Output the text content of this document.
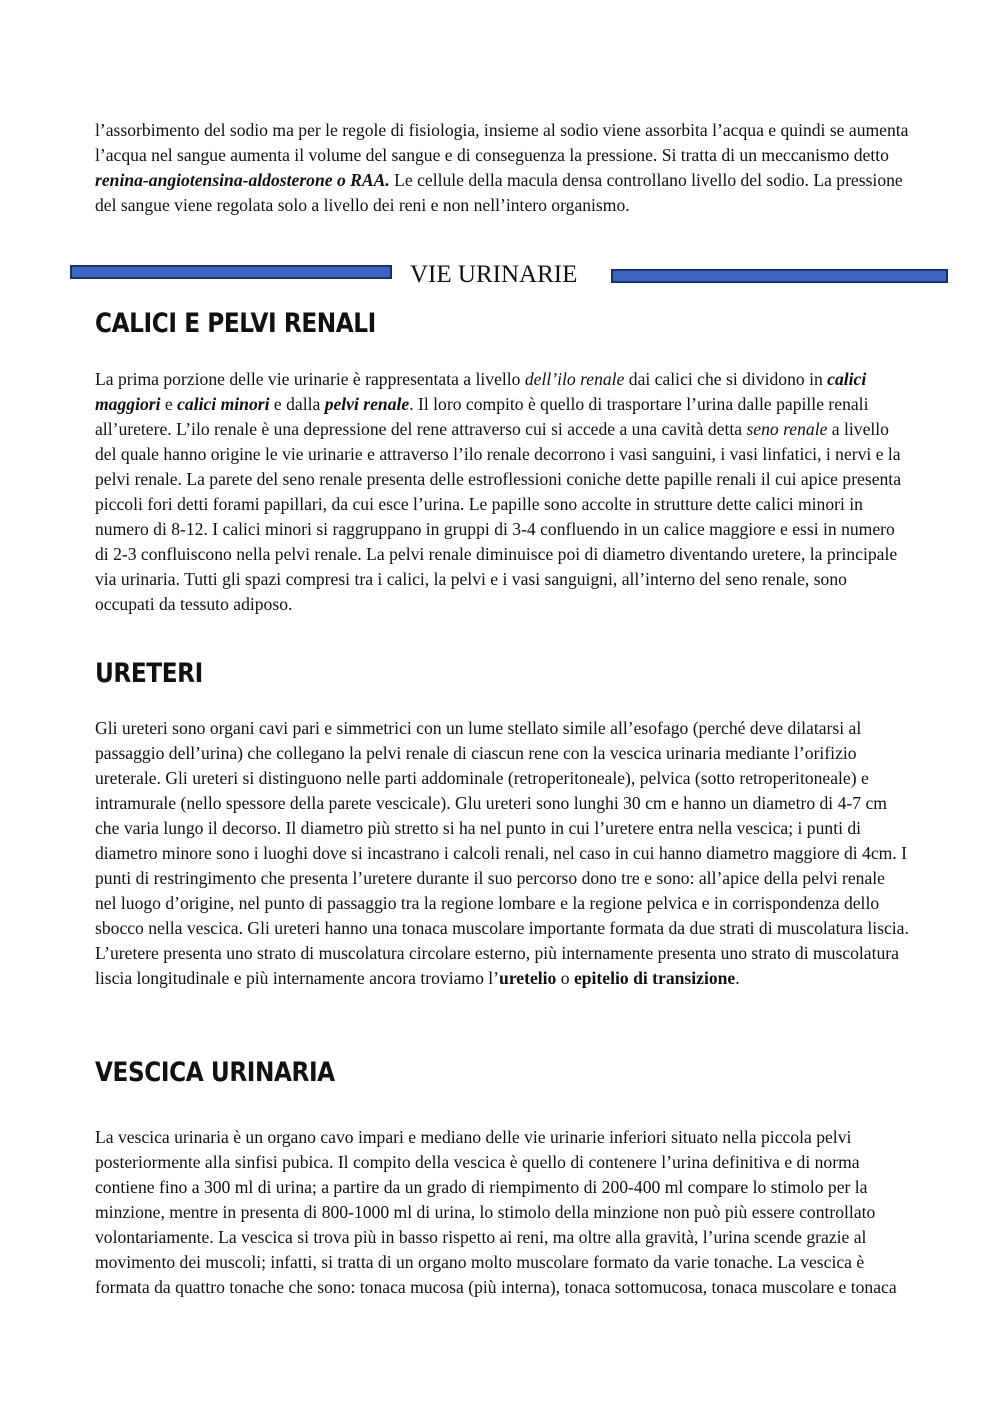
l’assorbimento del sodio ma per le regole di fisiologia, insieme al sodio viene assorbita l’acqua e quindi se aumenta l’acqua nel sangue aumenta il volume del sangue e di conseguenza la pressione. Si tratta di un meccanismo detto renina-angiotensina-aldosterone o RAA. Le cellule della macula densa controllano livello del sodio. La pressione del sangue viene regolata solo a livello dei reni e non nell’intero organismo.

VIE URINARIE
CALICI E PELVI RENALI

La prima porzione delle vie urinarie è rappresentata a livello dell’ilo renale dai calici che si dividono in calici maggiori e calici minori e dalla pelvi renale. Il loro compito è quello di trasportare l’urina dalle papille renali all’uretere. L’ilo renale è una depressione del rene attraverso cui si accede a una cavità detta seno renale a livello del quale hanno origine le vie urinarie e attraverso l’ilo renale decorrono i vasi sanguini, i vasi linfatici, i nervi e la pelvi renale. La parete del seno renale presenta delle estroflessioni coniche dette papille renali il cui apice presenta piccoli fori detti forami papillari, da cui esce l’urina. Le papille sono accolte in strutture dette calici minori in numero di 8-12. I calici minori si raggruppano in gruppi di 3-4 confluendo in un calice maggiore e essi in numero di 2-3 confluiscono nella pelvi renale. La pelvi renale diminuisce poi di diametro diventando uretere, la principale via urinaria. Tutti gli spazi compresi tra i calici, la pelvi e i vasi sanguigni, all’interno del seno renale, sono occupati da tessuto adiposo.

URETERI

Gli ureteri sono organi cavi pari e simmetrici con un lume stellato simile all’esofago (perché deve dilatarsi al passaggio dell’urina) che collegano la pelvi renale di ciascun rene con la vescica urinaria mediante l’orifizio ureterale. Gli ureteri si distinguono nelle parti addominale (retroperitoneale), pelvica (sotto retroperitoneale) e intramurale (nello spessore della parete vescicale). Glu ureteri sono lunghi 30 cm e hanno un diametro di 4-7 cm che varia lungo il decorso. Il diametro più stretto si ha nel punto in cui l’uretere entra nella vescica; i punti di diametro minore sono i luoghi dove si incastrano i calcoli renali, nel caso in cui hanno diametro maggiore di 4cm. I punti di restringimento che presenta l’uretere durante il suo percorso dono tre e sono: all’apice della pelvi renale nel luogo d’origine, nel punto di passaggio tra la regione lombare e la regione pelvica e in corrispondenza dello sbocco nella vescica. Gli ureteri hanno una tonaca muscolare importante formata da due strati di muscolatura liscia. L’uretere presenta uno strato di muscolatura circolare esterno, più internamente presenta uno strato di muscolatura liscia longitudinale e più internamente ancora troviamo l’uretelio o epitelio di transizione.

VESCICA URINARIA

La vescica urinaria è un organo cavo impari e mediano delle vie urinarie inferiori situato nella piccola pelvi posteriormente alla sinfisi pubica. Il compito della vescica è quello di contenere l’urina definitiva e di norma contiene fino a 300 ml di urina; a partire da un grado di riempimento di 200-400 ml compare lo stimolo per la minzione, mentre in presenta di 800-1000 ml di urina, lo stimolo della minzione non può più essere controllato volontariamente. La vescica si trova più in basso rispetto ai reni, ma oltre alla gravità, l’urina scende grazie al movimento dei muscoli; infatti, si tratta di un organo molto muscolare formato da varie tonache. La vescica è formata da quattro tonache che sono: tonaca mucosa (più interna), tonaca sottomucosa, tonaca muscolare e tonaca
